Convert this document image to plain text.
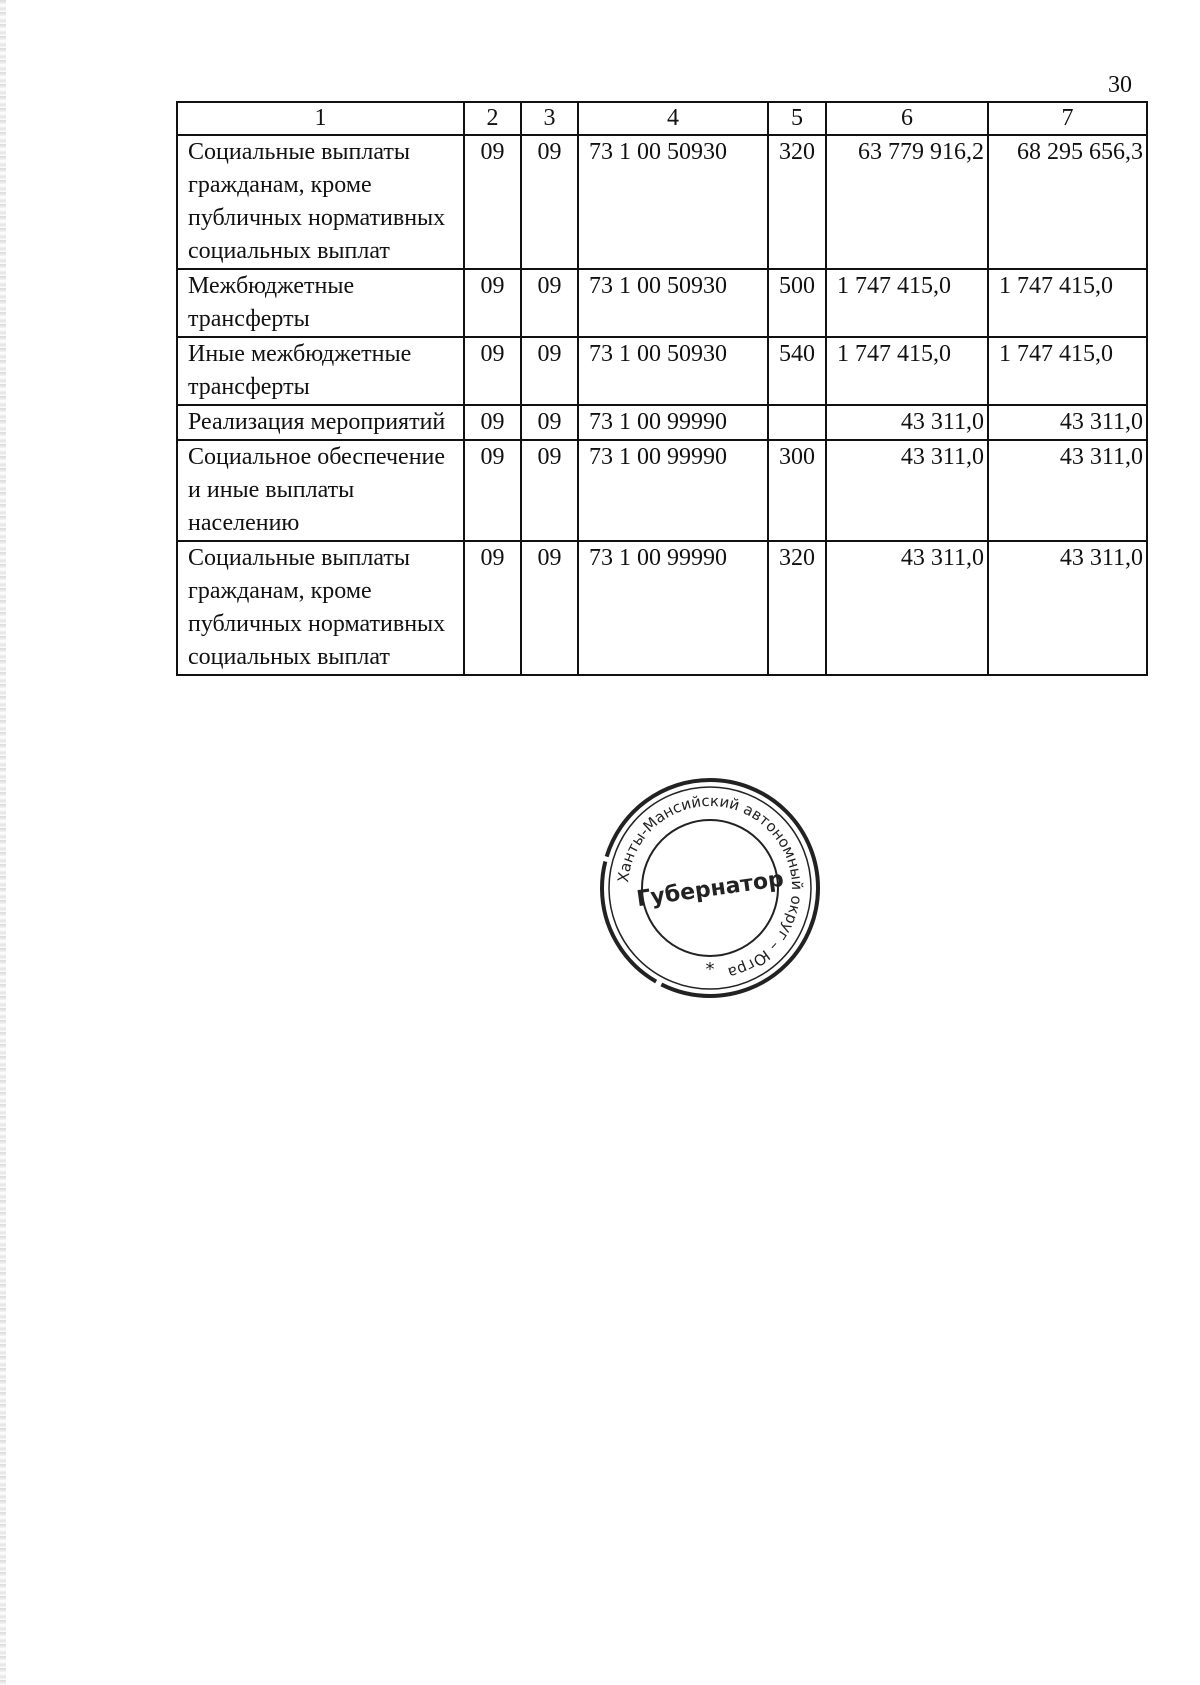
30
1	2	3	4	5	6	7
Социальные выплаты гражданам, кроме публичных нормативных социальных выплат	09	09	73 1 00 50930	320	63 779 916,2	68 295 656,3
Межбюджетные трансферты	09	09	73 1 00 50930	500	1 747 415,0	1 747 415,0
Иные межбюджетные трансферты	09	09	73 1 00 50930	540	1 747 415,0	1 747 415,0
Реализация мероприятий	09	09	73 1 00 99990		43 311,0	43 311,0
Социальное обеспечение и иные выплаты населению	09	09	73 1 00 99990	300	43 311,0	43 311,0
Социальные выплаты гражданам, кроме публичных нормативных социальных выплат	09	09	73 1 00 99990	320	43 311,0	43 311,0
Ханты-Мансийский автономный округ – Югра
Губернатор
*
